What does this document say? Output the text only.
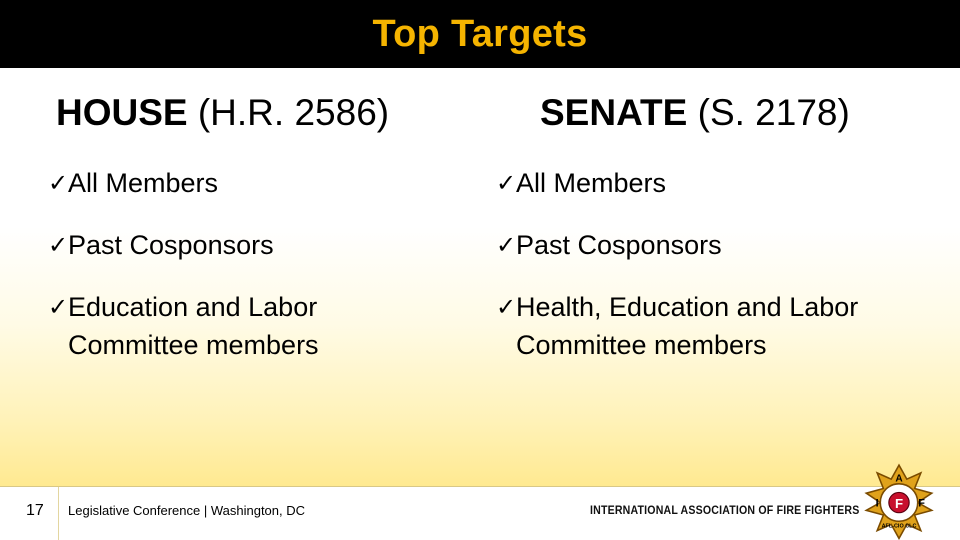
Top Targets
HOUSE (H.R. 2586)
✓ All Members
✓ Past Cosponsors
✓ Education and Labor Committee members
SENATE (S. 2178)
✓ All Members
✓ Past Cosponsors
✓ Health, Education and Labor Committee members
17 Legislative Conference | Washington, DC	INTERNATIONAL ASSOCIATION OF FIRE FIGHTERS F
A
I	F
AFL-CIO CLC
